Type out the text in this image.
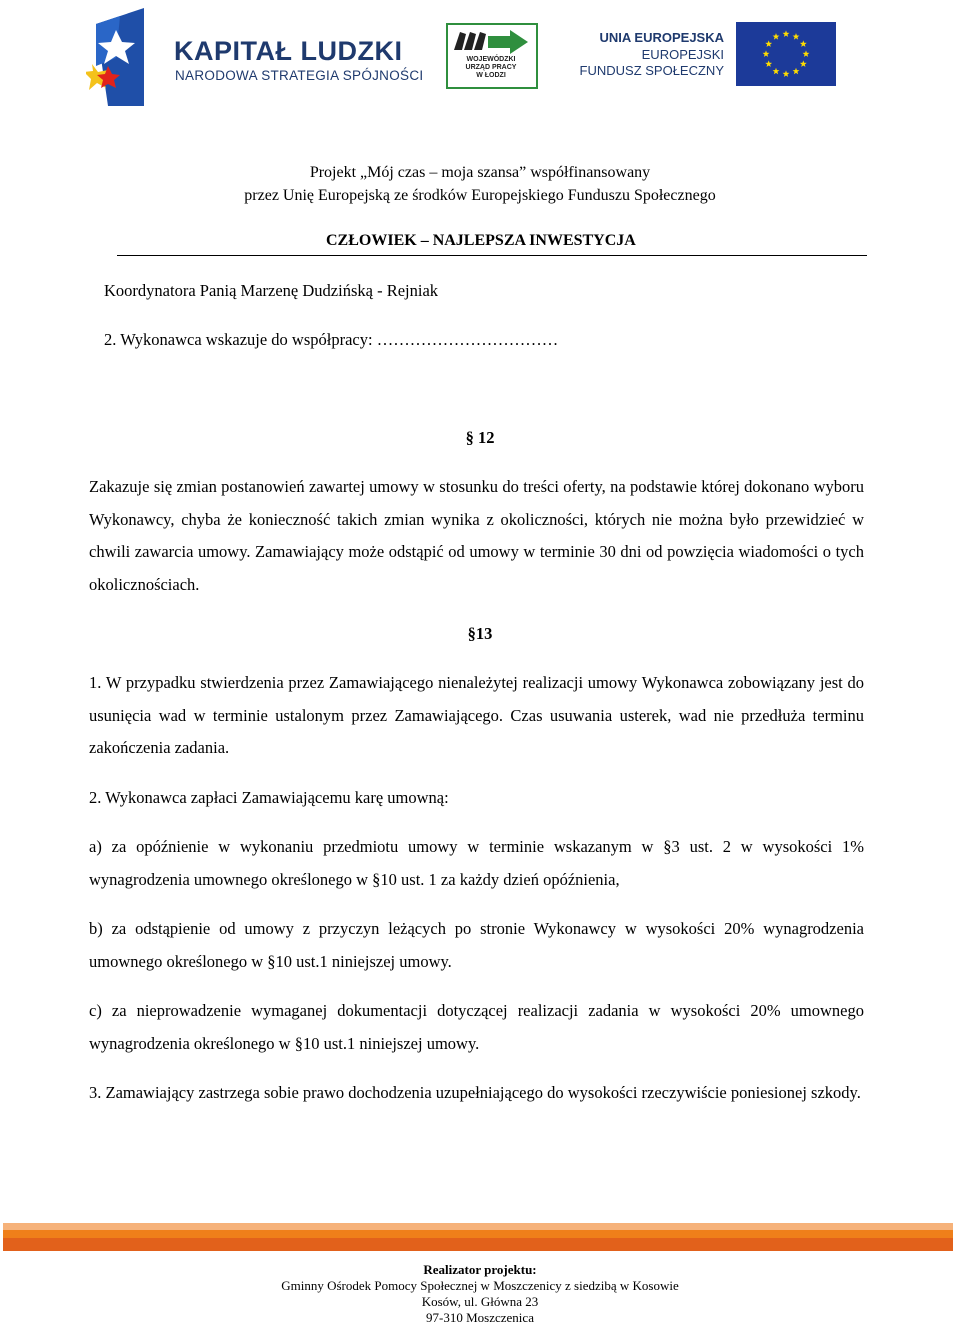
KAPITAŁ LUDZKI
NARODOWA STRATEGIA SPÓJNOŚCI
WOJEWÓDZKI
URZĄD PRACY
W ŁODZI
UNIA EUROPEJSKA
EUROPEJSKI
FUNDUSZ SPOŁECZNY
Projekt „Mój czas – moja szansa” współfinansowany
przez Unię Europejską ze środków Europejskiego Funduszu Społecznego
CZŁOWIEK – NAJLEPSZA INWESTYCJA
Koordynatora Panią Marzenę Dudzińską - Rejniak
2. Wykonawca wskazuje do współpracy: ……………………………
§ 12
Zakazuje się zmian postanowień zawartej umowy w stosunku do treści oferty, na podstawie której dokonano wyboru Wykonawcy, chyba że konieczność takich zmian wynika z okoliczności, których nie można było przewidzieć w chwili zawarcia umowy. Zamawiający może odstąpić od umowy w terminie 30 dni od powzięcia wiadomości o tych okolicznościach.
§13
1. W przypadku stwierdzenia przez Zamawiającego nienależytej realizacji umowy Wykonawca zobowiązany jest do usunięcia wad w terminie ustalonym przez Zamawiającego. Czas usuwania usterek, wad nie przedłuża terminu zakończenia zadania.
2. Wykonawca zapłaci Zamawiającemu karę umowną:
a) za opóźnienie w wykonaniu przedmiotu umowy w terminie wskazanym w §3 ust. 2 w wysokości 1% wynagrodzenia umownego określonego w §10 ust. 1 za każdy dzień opóźnienia,
b) za odstąpienie od umowy z przyczyn leżących po stronie Wykonawcy w wysokości 20% wynagrodzenia umownego określonego w §10 ust.1 niniejszej umowy.
c) za nieprowadzenie wymaganej dokumentacji dotyczącej realizacji zadania w wysokości 20% umownego wynagrodzenia określonego w §10 ust.1 niniejszej umowy.
3. Zamawiający zastrzega sobie prawo dochodzenia uzupełniającego do wysokości rzeczywiście poniesionej szkody.
Realizator projektu:
Gminny Ośrodek Pomocy Społecznej w Moszczenicy z siedzibą w Kosowie
Kosów, ul. Główna 23
97-310 Moszczenica
